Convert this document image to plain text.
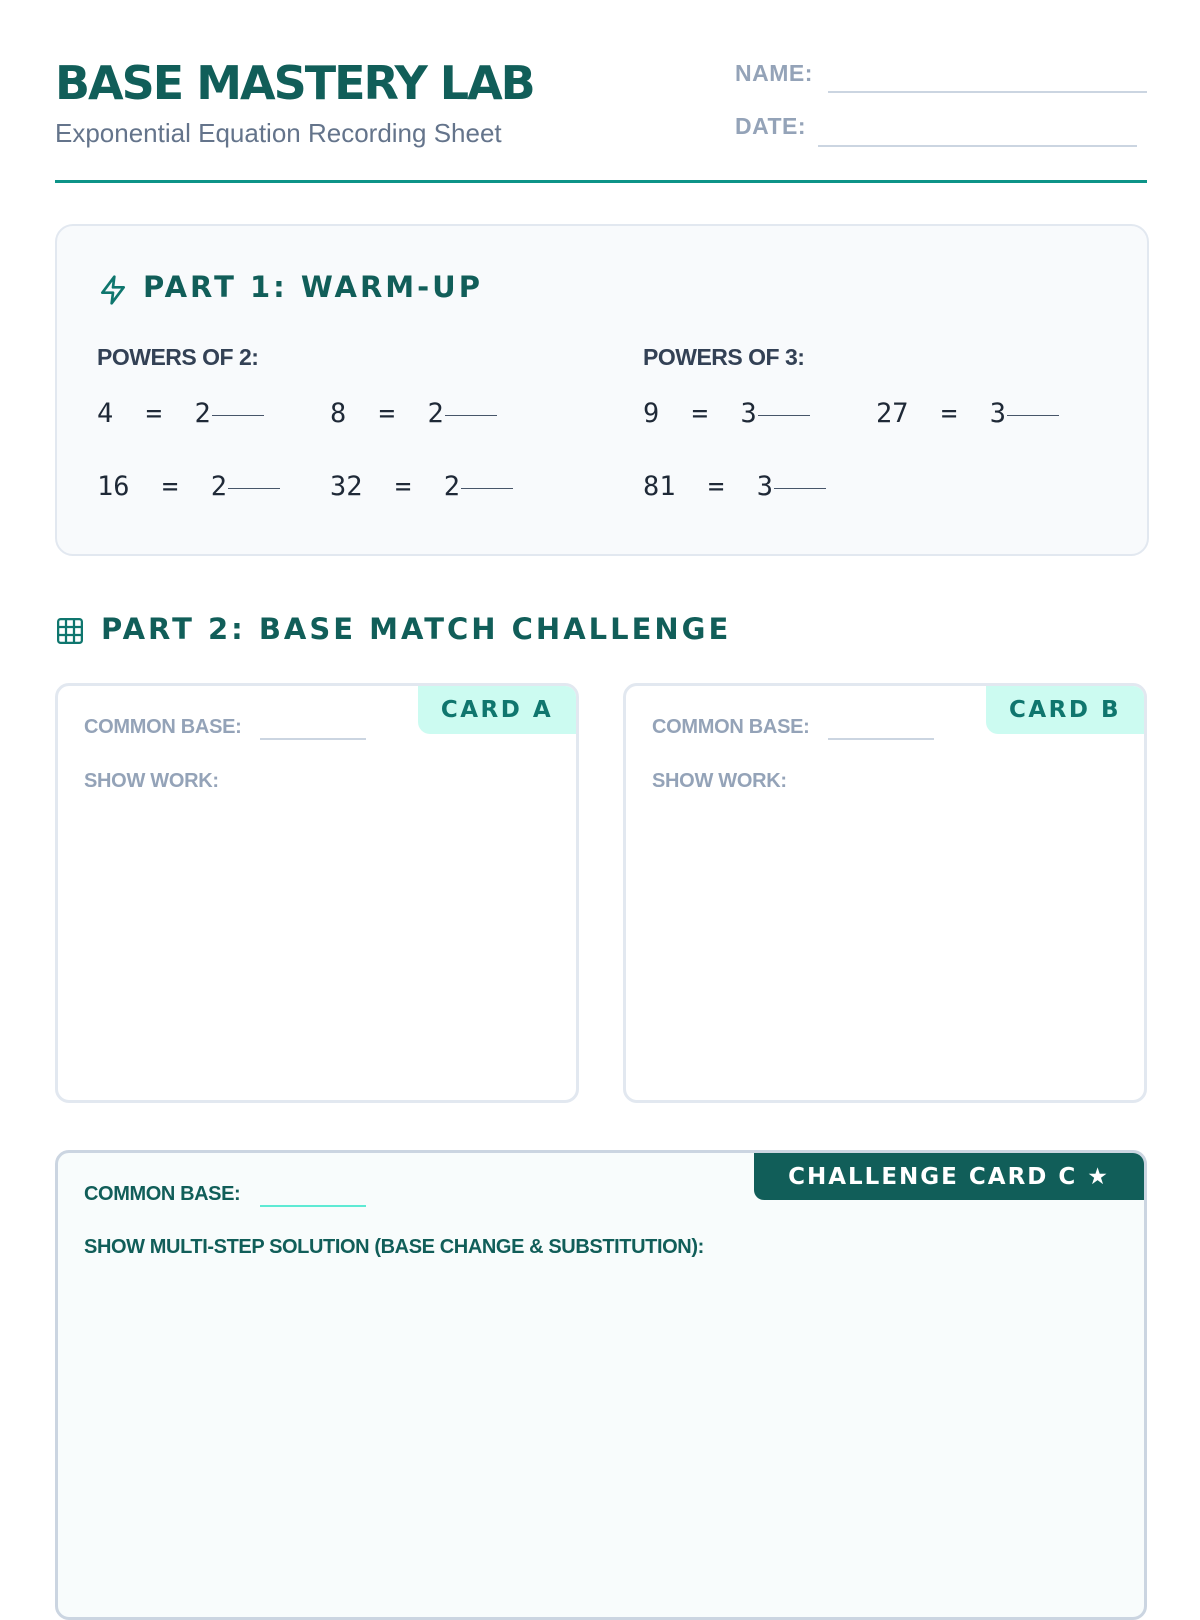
BASE MASTERY LAB

Exponential Equation Recording Sheet

NAME:
DATE:
PART 1: WARM-UP
POWERS OF 2:	POWERS OF 3:
4  =  2	8  =  2
16  =  2	32  =  2
9  =  3	27  =  3
81  =  3
PART 2: BASE MATCH CHALLENGE
CARD A
COMMON BASE:
SHOW WORK:
CARD B
COMMON BASE:
SHOW WORK:
CHALLENGE CARD C ★
COMMON BASE:
SHOW MULTI-STEP SOLUTION (BASE CHANGE & SUBSTITUTION):
